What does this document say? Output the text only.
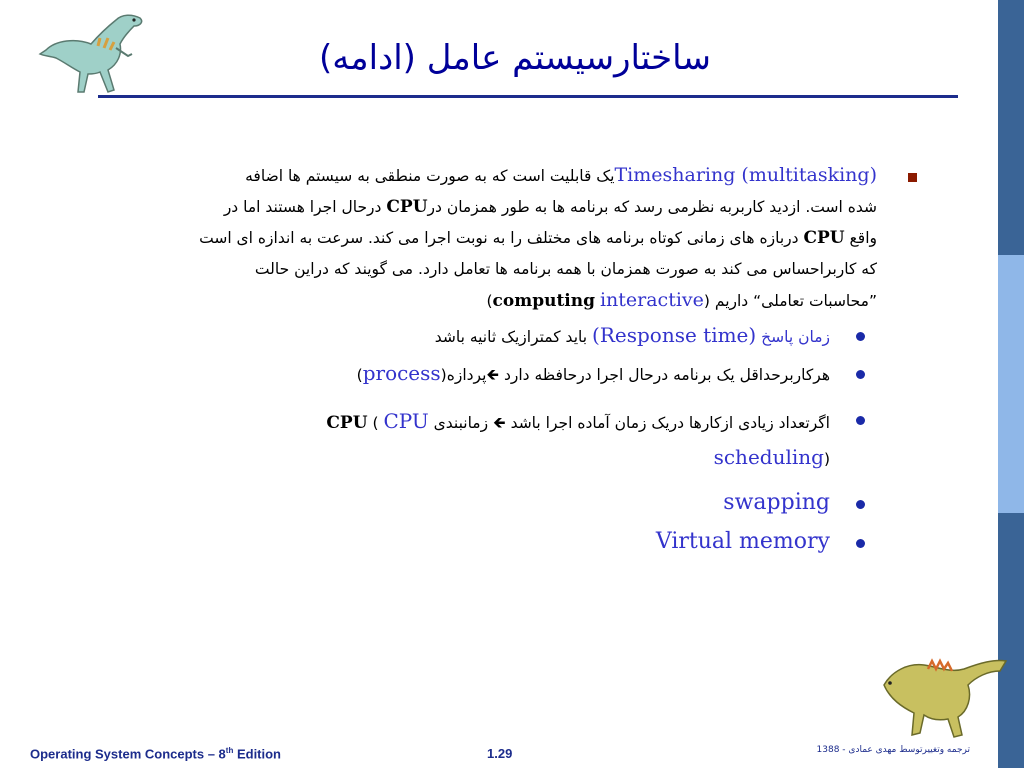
ساختارسیستم عامل (ادامه)
Timesharing (multitasking)یک قابلیت است که به صورت منطقی به سیستم ها اضافه
شده است. ازدید کاربربه نظرمی رسد که برنامه ها به طور همزمان درCPU درحال اجرا هستند اما در
واقع CPU دربازه های زمانی کوتاه برنامه های مختلف را به نوبت اجرا می کند. سرعت به اندازه ای است
که کاربراحساس می کند به صورت همزمان با همه برنامه ها تعامل دارد. می گویند که دراین حالت
”محاسبات تعاملی“ داریم (computing interactive)
زمان پاسخ (Response time) باید کمترازیک ثانیه باشد
هرکاربرحداقل یک برنامه درحال اجرا درحافظه دارد 🡸پردازه(process)
اگرتعداد زیادی ازکارها دریک زمان آماده اجرا باشد 🡸 زمانبندی CPU ( CPU
(scheduling
swapping
Virtual memory
Operating System Concepts – 8th Edition	1.29	ترجمه وتغییرتوسط مهدی عمادی - 1388
